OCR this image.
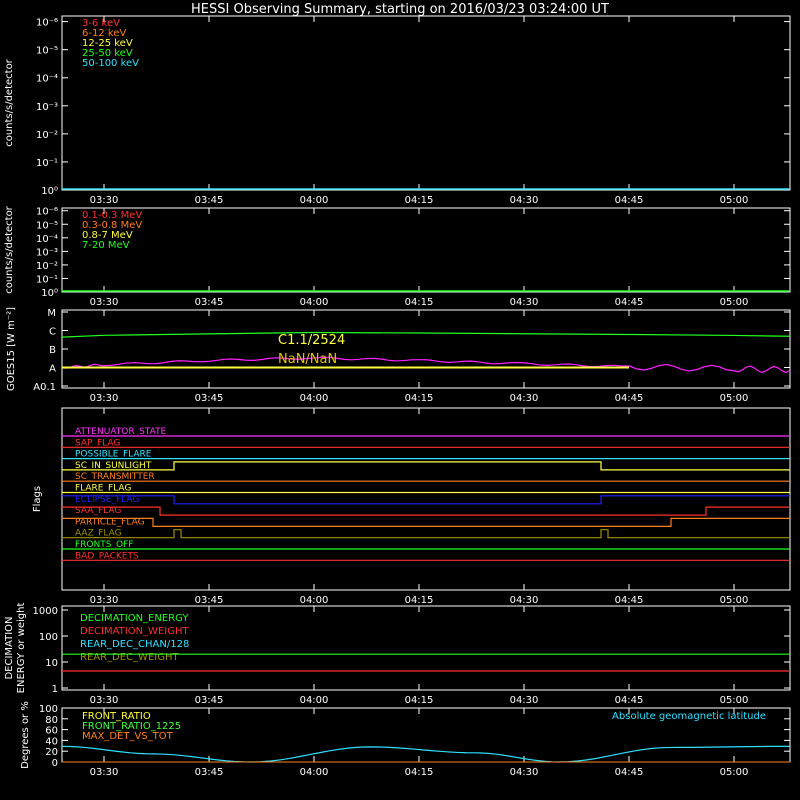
HESSI Observing Summary, starting on 2016/03/23 03:24:00 UT
03:30	03:45	04:00	04:15	04:30	04:45	05:00
10⁰
10⁻¹
10⁻²
10⁻³
10⁻⁴
10⁻⁵
10⁻⁶
counts/s/detector
3-6 keV
6-12 keV
12-25 keV
25-50 keV
50-100 keV
03:30	03:45	04:00	04:15	04:30	04:45	05:00
10⁰
10⁻¹
10⁻²
10⁻³
10⁻⁴
10⁻⁵
10⁻⁶
counts/s/detector	0.1-0.3 MeV
0.3-0.8 MeV
0.8-7 MeV
7-20 MeV
03:30	03:45	04:00	04:15	04:30	04:45	05:00
A0.1
A
B
C
M
GOES15 [W m⁻²]	C1.1/2524
NaN/NaN
03:30	03:45	04:00	04:15	04:30	04:45	05:00
Flags
ATTENUATOR_STATE
SAP_FLAG
POSSIBLE_FLARE
SC_IN_SUNLIGHT
SC_TRANSMITTER
FLARE_FLAG
ECLIPSE_FLAG
SAA_FLAG
PARTICLE_FLAG
AAZ_FLAG
FRONTS_OFF
BAD_PACKETS
03:30	03:45	04:00	04:15	04:30	04:45	05:00
1
10
100
1000
DECIMATION ENERGY or weight	DECIMATION_ENERGY
DECIMATION_WEIGHT
REAR_DEC_CHAN/128
REAR_DEC_WEIGHT
03:30	03:45	04:00	04:15	04:30	04:45	05:00
0
20
40
60
80
100
Degrees or %	FRONT_RATIO
FRONT_RATIO_1225
MAX_DET_VS_TOT
Absolute geomagnetic latitude
